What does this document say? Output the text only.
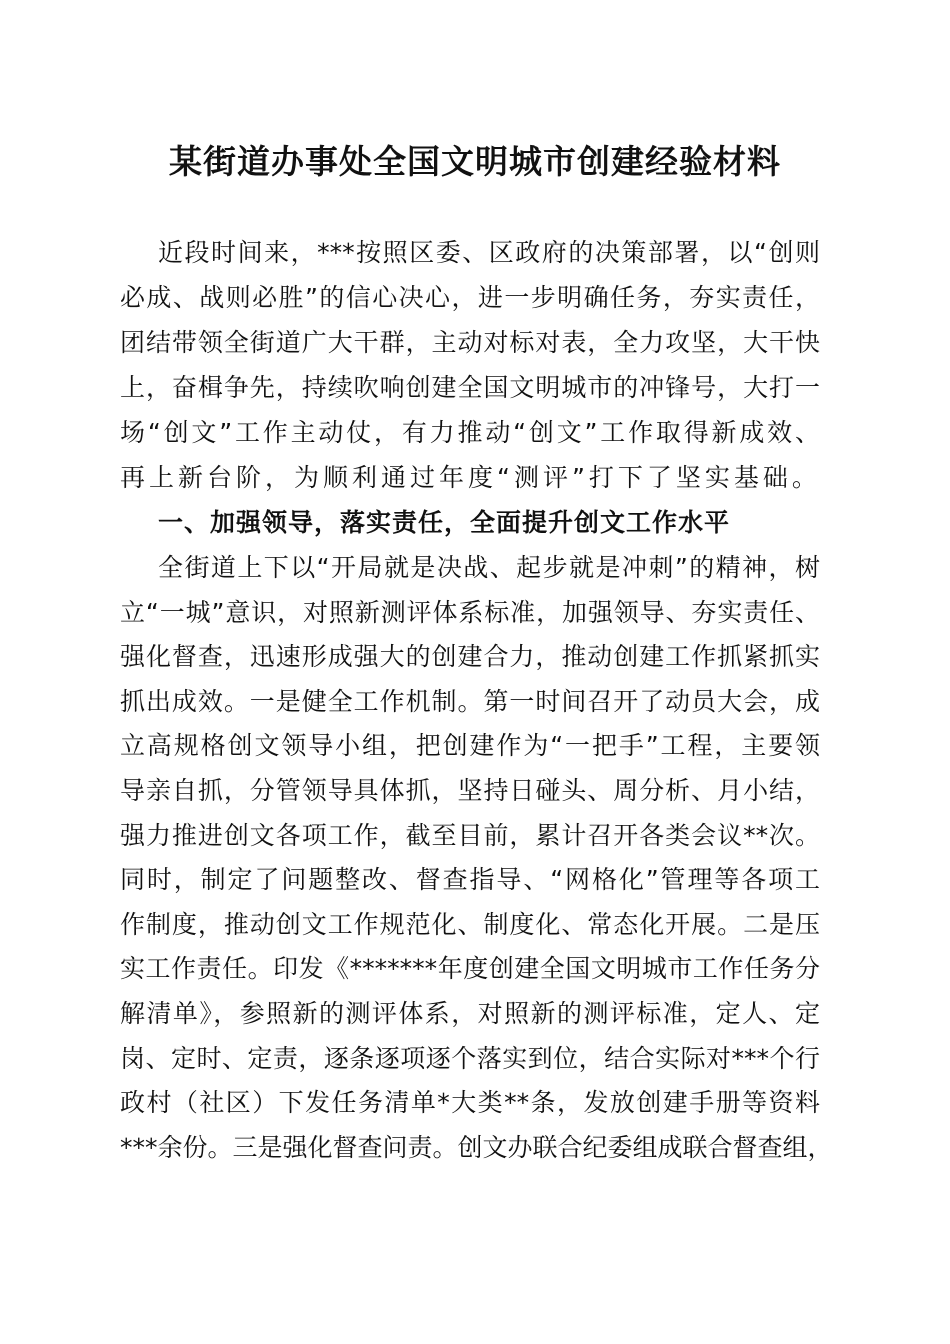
某街道办事处全国文明城市创建经验材料
近段时间来，***按照区委、区政府的决策部署，以“创则
必成、战则必胜”的信心决心，进一步明确任务，夯实责任，
团结带领全街道广大干群，主动对标对表，全力攻坚，大干快
上，奋楫争先，持续吹响创建全国文明城市的冲锋号，大打一
场“创文”工作主动仗，有力推动“创文”工作取得新成效、
再上新台阶，为顺利通过年度“测评”打下了坚实基础。
一、加强领导，落实责任，全面提升创文工作水平
全街道上下以“开局就是决战、起步就是冲刺”的精神，树
立“一城”意识，对照新测评体系标准，加强领导、夯实责任、
强化督查，迅速形成强大的创建合力，推动创建工作抓紧抓实
抓出成效。一是健全工作机制。第一时间召开了动员大会，成
立高规格创文领导小组，把创建作为“一把手”工程，主要领
导亲自抓，分管领导具体抓，坚持日碰头、周分析、月小结，
强力推进创文各项工作，截至目前，累计召开各类会议**次。
同时，制定了问题整改、督查指导、“网格化”管理等各项工
作制度，推动创文工作规范化、制度化、常态化开展。二是压
实工作责任。印发《*******年度创建全国文明城市工作任务分
解清单》，参照新的测评体系，对照新的测评标准，定人、定
岗、定时、定责，逐条逐项逐个落实到位，结合实际对***个行
政村（社区）下发任务清单*大类**条，发放创建手册等资料
***余份。三是强化督查问责。创文办联合纪委组成联合督查组，
